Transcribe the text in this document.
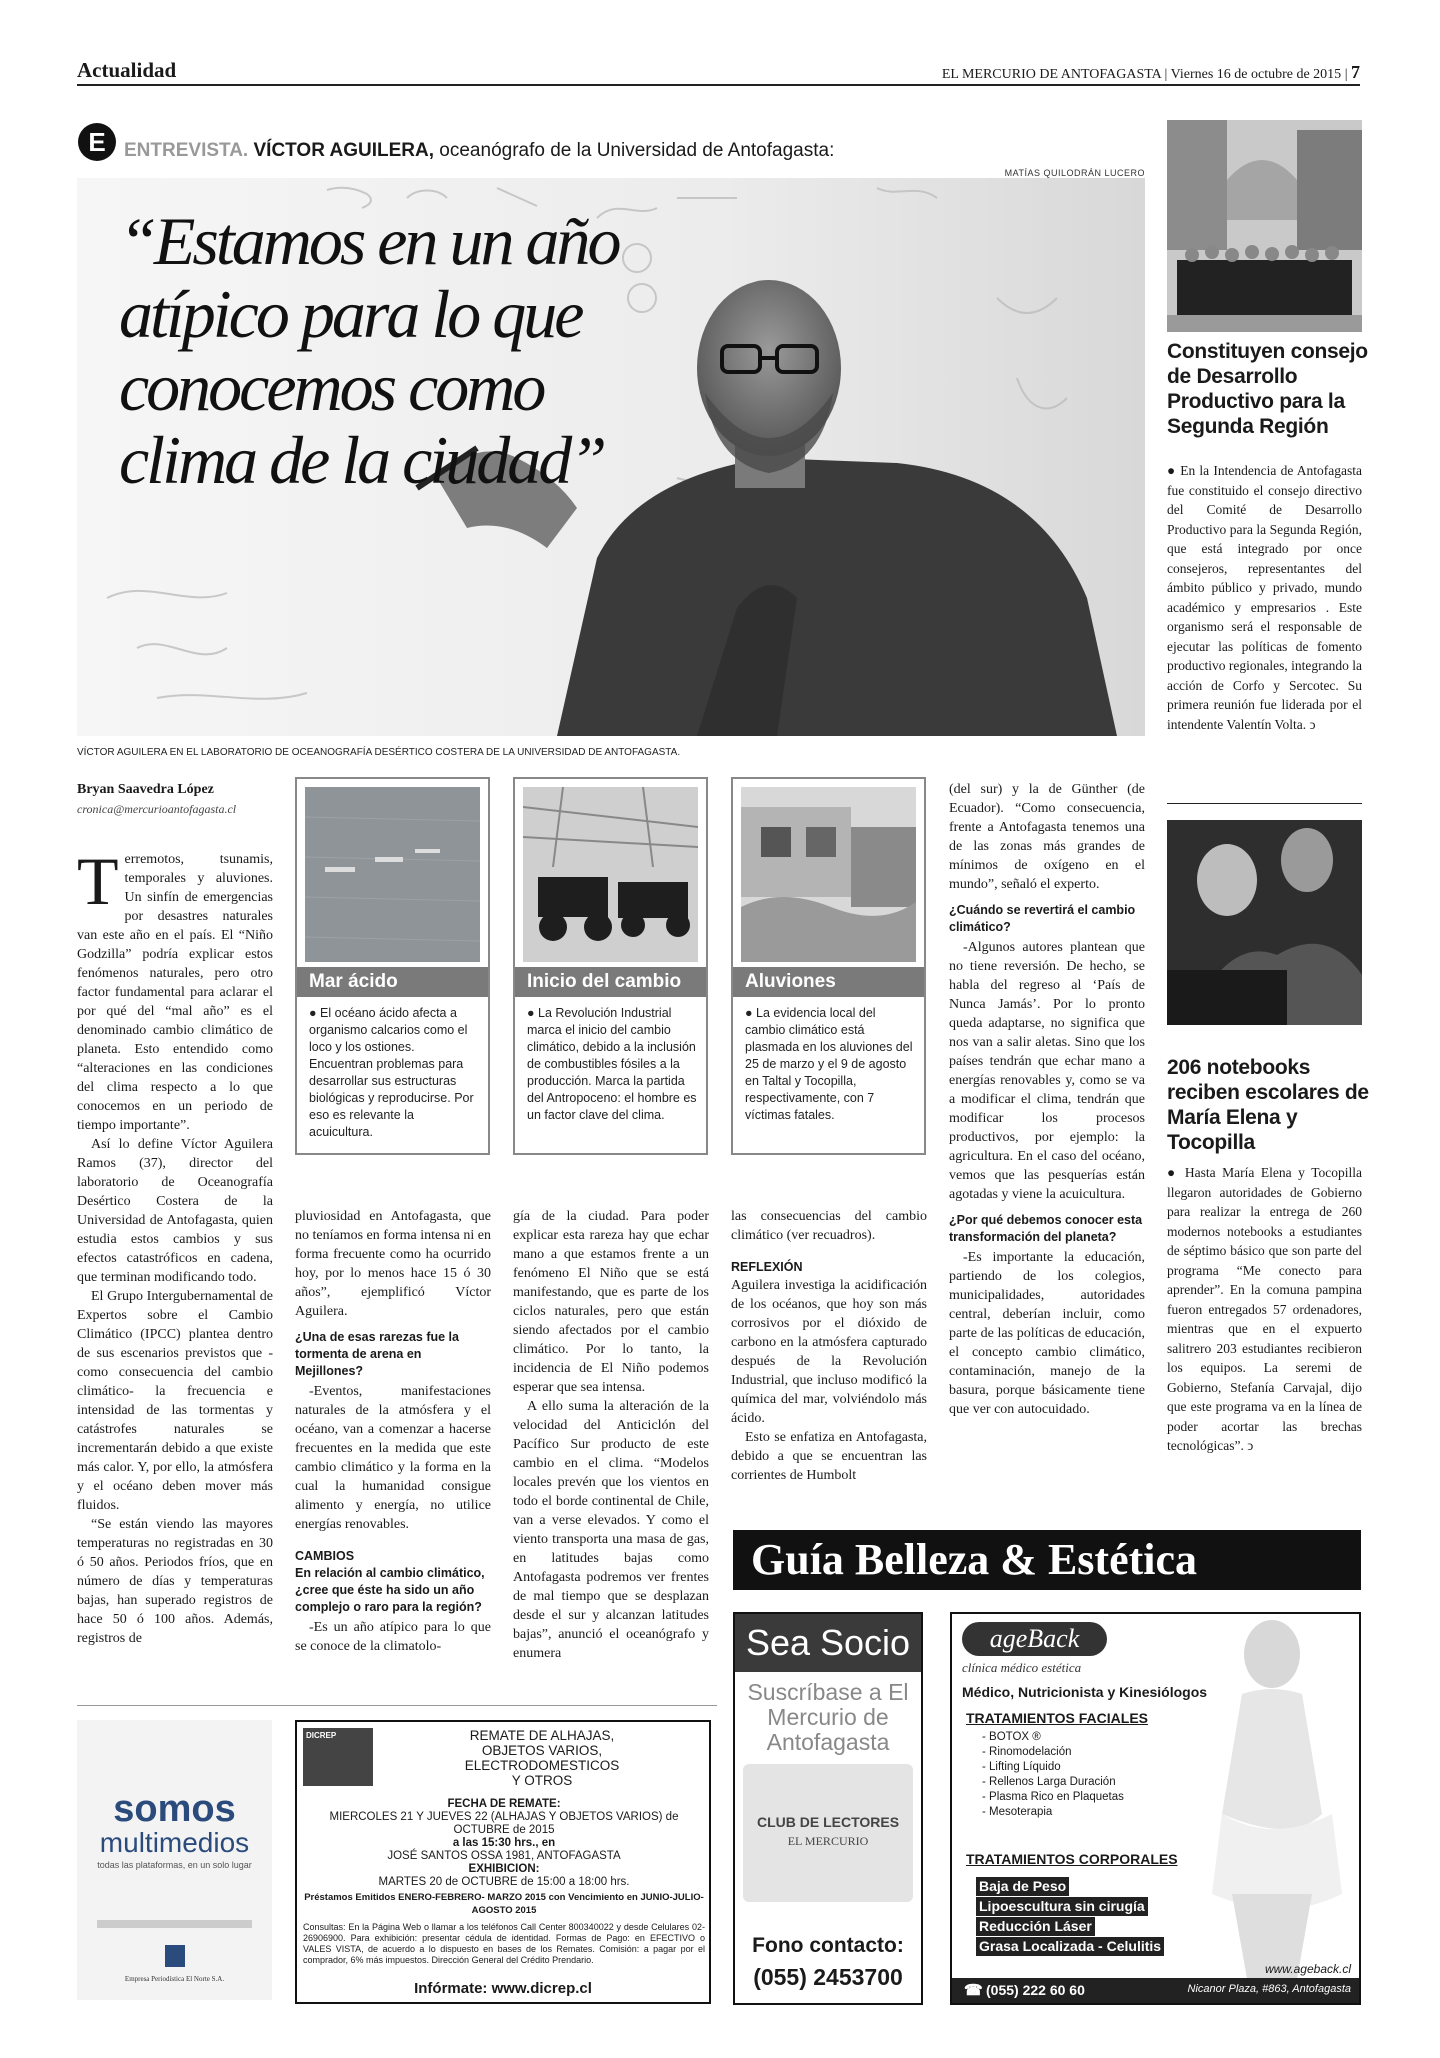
Actualidad	EL MERCURIO DE ANTOFAGASTA | Viernes 16 de octubre de 2015 | 7
E ENTREVISTA. VÍCTOR AGUILERA, oceanógrafo de la Universidad de Antofagasta:
MATÍAS QUILODRÁN LUCERO
“Estamos en un año atípico para lo que conocemos como clima de la ciudad”
VÍCTOR AGUILERA EN EL LABORATORIO DE OCEANOGRAFÍA DESÉRTICO COSTERA DE LA UNIVERSIDAD DE ANTOFAGASTA.
Bryan Saavedra López
cronica@mercurioantofagasta.cl

Terremotos, tsunamis, temporales y aluviones. Un sinfín de emergencias por desastres naturales van este año en el país. El “Niño Godzilla” podría explicar estos fenómenos naturales, pero otro factor fundamental para aclarar el por qué del “mal año” es el denominado cambio climático de planeta. Esto entendido como “alteraciones en las condiciones del clima respecto a lo que conocemos en un periodo de tiempo importante”.

Así lo define Víctor Aguilera Ramos (37), director del laboratorio de Oceanografía Desértico Costera de la Universidad de Antofagasta, quien estudia estos cambios y sus efectos catastróficos en cadena, que terminan modificando todo.

El Grupo Intergubernamental de Expertos sobre el Cambio Climático (IPCC) plantea dentro de sus escenarios previstos que -como consecuencia del cambio climático- la frecuencia e intensidad de las tormentas y catástrofes naturales se incrementarán debido a que existe más calor. Y, por ello, la atmósfera y el océano deben mover más fluidos.

“Se están viendo las mayores temperaturas no registradas en 30 ó 50 años. Periodos fríos, que en número de días y temperaturas bajas, han superado registros de hace 50 ó 100 años. Además, registros de

Mar ácido
● El océano ácido afecta a organismo calcarios como el loco y los ostiones. Encuentran problemas para desarrollar sus estructuras biológicas y reproducirse. Por eso es relevante la acuicultura.
Inicio del cambio
● La Revolución Industrial marca el inicio del cambio climático, debido a la inclusión de combustibles fósiles a la producción. Marca la partida del Antropoceno: el hombre es un factor clave del clima.
Aluviones
● La evidencia local del cambio climático está plasmada en los aluviones del 25 de marzo y el 9 de agosto en Taltal y Tocopilla, respectivamente, con 7 víctimas fatales.

pluviosidad en Antofagasta, que no teníamos en forma intensa ni en forma frecuente como ha ocurrido hoy, por lo menos hace 15 ó 30 años”, ejemplificó Víctor Aguilera.

¿Una de esas rarezas fue la tormenta de arena en Mejillones?

-Eventos, manifestaciones naturales de la atmósfera y el océano, van a comenzar a hacerse frecuentes en la medida que este cambio climático y la forma en la cual la humanidad consigue alimento y energía, no utilice energías renovables.

CAMBIOS

En relación al cambio climático, ¿cree que éste ha sido un año complejo o raro para la región?

-Es un año atípico para lo que se conoce de la climatolo-

gía de la ciudad. Para poder explicar esta rareza hay que echar mano a que estamos frente a un fenómeno El Niño que se está manifestando, que es parte de los ciclos naturales, pero que están siendo afectados por el cambio climático. Por lo tanto, la incidencia de El Niño podemos esperar que sea intensa.

A ello suma la alteración de la velocidad del Anticiclón del Pacífico Sur producto de este cambio en el clima. “Modelos locales prevén que los vientos en todo el borde continental de Chile, van a verse elevados. Y como el viento transporta una masa de gas, en latitudes bajas como Antofagasta podremos ver frentes de mal tiempo que se desplazan desde el sur y alcanzan latitudes bajas”, anunció el oceanógrafo y enumera

las consecuencias del cambio climático (ver recuadros).

REFLEXIÓN

Aguilera investiga la acidificación de los océanos, que hoy son más corrosivos por el dióxido de carbono en la atmósfera capturado después de la Revolución Industrial, que incluso modificó la química del mar, volviéndolo más ácido.

Esto se enfatiza en Antofagasta, debido a que se encuentran las corrientes de Humbolt

(del sur) y la de Günther (de Ecuador). “Como consecuencia, frente a Antofagasta tenemos una de las zonas más grandes de mínimos de oxígeno en el mundo”, señaló el experto.

¿Cuándo se revertirá el cambio climático?

-Algunos autores plantean que no tiene reversión. De hecho, se habla del regreso al ‘País de Nunca Jamás’. Por lo pronto queda adaptarse, no significa que nos van a salir aletas. Sino que los países tendrán que echar mano a energías renovables y, como se va a modificar el clima, tendrán que modificar los procesos productivos, por ejemplo: la agricultura. En el caso del océano, vemos que las pesquerías están agotadas y viene la acuicultura.

¿Por qué debemos conocer esta transformación del planeta?

-Es importante la educación, partiendo de los colegios, municipalidades, autoridades central, deberían incluir, como parte de las políticas de educación, el concepto cambio climático, contaminación, manejo de la basura, porque básicamente tiene que ver con autocuidado.

Constituyen consejo de Desarrollo Productivo para la Segunda Región
● En la Intendencia de Antofagasta fue constituido el consejo directivo del Comité de Desarrollo Productivo para la Segunda Región, que está integrado por once consejeros, representantes del ámbito público y privado, mundo académico y empresarios . Este organismo será el responsable de ejecutar las políticas de fomento productivo regionales, integrando la acción de Corfo y Sercotec. Su primera reunión fue liderada por el intendente Valentín Volta. ↄ
206 notebooks reciben escolares de María Elena y Tocopilla
● Hasta María Elena y Tocopilla llegaron autoridades de Gobierno para realizar la entrega de 260 modernos notebooks a estudiantes de séptimo básico que son parte del programa “Me conecto para aprender”. En la comuna pampina fueron entregados 57 ordenadores, mientras que en el expuerto salitrero 203 estudiantes recibieron los equipos. La seremi de Gobierno, Stefanía Carvajal, dijo que este programa va en la línea de poder acortar las brechas tecnológicas”. ↄ
somos
multimedios
todas las plataformas, en un solo lugar
Empresa Periodística El Norte S.A.
DICREP	REMATE DE ALHAJAS,
OBJETOS VARIOS,
ELECTRODOMESTICOS
Y OTROS
FECHA DE REMATE:
MIERCOLES 21 Y JUEVES 22 (ALHAJAS Y OBJETOS VARIOS) de OCTUBRE de 2015
a las 15:30 hrs., en
JOSÉ SANTOS OSSA 1981, ANTOFAGASTA
EXHIBICION:
MARTES 20 de OCTUBRE de 15:00 a 18:00 hrs.
Préstamos Emitidos ENERO-FEBRERO- MARZO 2015 con Vencimiento en JUNIO-JULIO-AGOSTO 2015
Consultas: En la Página Web o llamar a los teléfonos Call Center 800340022 y desde Celulares 02-26906900. Para exhibición: presentar cédula de identidad. Formas de Pago: en EFECTIVO o VALES VISTA, de acuerdo a lo dispuesto en bases de los Remates. Comisión: a pagar por el comprador, 6% más impuestos. Dirección General del Crédito Prendario.
Infórmate: www.dicrep.cl
Guía Belleza & Estética
Sea Socio
Suscríbase a El Mercurio de Antofagasta
CLUB DE LECTORES
EL MERCURIO
Fono contacto:
(055) 2453700
ageBack
clínica médico estética
Médico, Nutricionista y Kinesiólogos
TRATAMIENTOS FACIALES
- BOTOX ®
- Rinomodelación
- Lifting Líquido
- Rellenos Larga Duración
- Plasma Rico en Plaquetas
- Mesoterapia
TRATAMIENTOS CORPORALES
Baja de Peso
Lipoescultura sin cirugía
Reducción Láser
Grasa Localizada - Celulitis
www.ageback.cl
☎ (055) 222 60 60	Nicanor Plaza, #863, Antofagasta
